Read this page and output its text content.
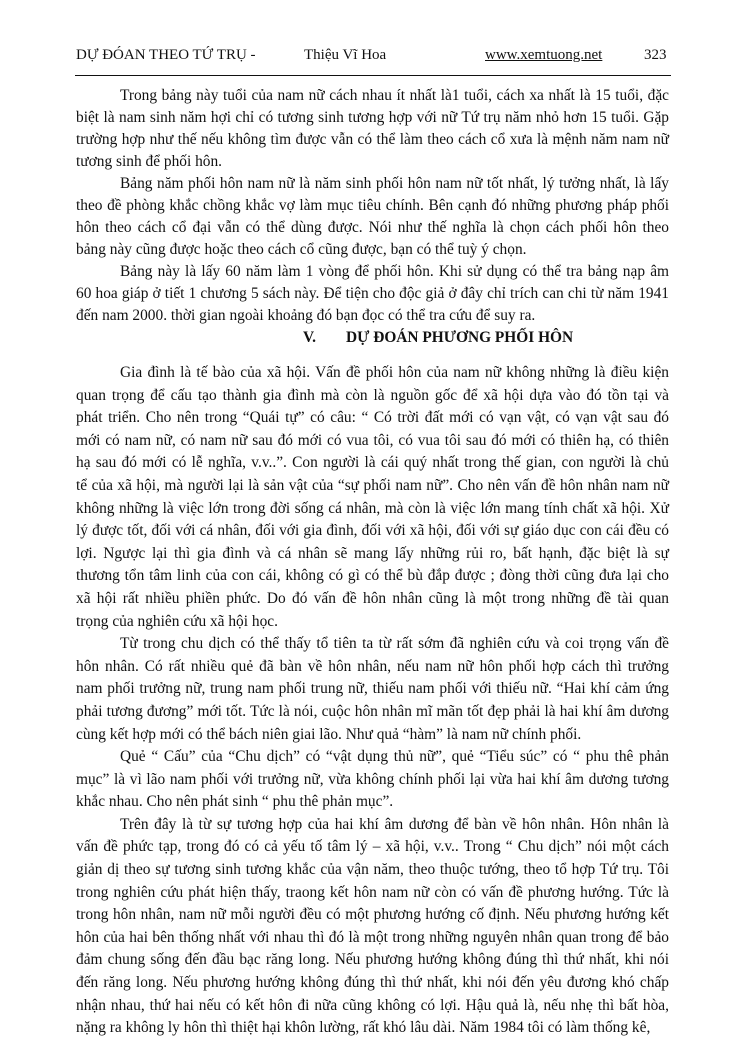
DỰ ĐÓAN THEO TỨ TRỤ -	Thiệu Vĩ Hoa	www.xemtuong.net	323
Trong bảng này tuổi của nam nữ cách nhau ít nhất là1 tuổi, cách xa nhất là 15 tuổi, đặc
biệt là nam sinh năm hợi chỉ có tương sinh tương hợp với nữ Tứ trụ năm nhỏ hơn 15 tuổi. Gặp
trường hợp như thế nếu không tìm được vẫn có thể làm theo cách cổ xưa là mệnh năm nam nữ
tương sinh để phối hôn.
Bảng năm phối hôn nam nữ là năm sinh phối hôn nam nữ tốt nhất, lý tưởng nhất, là lấy
theo đề phòng khắc chồng khắc vợ làm mục tiêu chính. Bên cạnh đó những phương pháp phối
hôn theo cách cổ đại vẫn có thể dùng được. Nói như thế nghĩa là chọn cách phối hôn theo
bảng này cũng được hoặc theo cách cổ cũng được, bạn có thể tuỳ ý chọn.
Bảng này là lấy 60 năm làm 1 vòng để phối hôn. Khi sử dụng có thể tra bảng nạp âm
60 hoa giáp ở tiết 1 chương 5 sách này. Để tiện cho độc giả ở đây chỉ trích can chi từ năm 1941
đến nam 2000. thời gian ngoài khoảng đó bạn đọc có thể tra cứu để suy ra.
V. DỰ ĐOÁN PHƯƠNG PHỐI HÔN
Gia đình là tế bào của xã hội. Vấn đề phối hôn của nam nữ không những là điều kiện
quan trọng để cấu tạo thành gia đình mà còn là nguồn gốc để xã hội dựa vào đó tồn tại và
phát triển. Cho nên trong “Quái tự” có câu: “ Có trời đất mới có vạn vật, có vạn vật sau đó
mới có nam nữ, có nam nữ sau đó mới có vua tôi, có vua tôi sau đó mới có thiên hạ, có thiên
hạ sau đó mới có lễ nghĩa, v.v..”. Con người là cái quý nhất trong thế gian, con người là chủ
tể của xã hội, mà người lại là sản vật của “sự phối nam nữ”. Cho nên vấn đề hôn nhân nam nữ
không những là việc lớn trong đời sống cá nhân, mà còn là việc lớn mang tính chất xã hội. Xử
lý được tốt, đối với cá nhân, đối với gia đình, đối với xã hội, đối với sự giáo dục con cái đều có
lợi. Ngược lại thì gia đình và cá nhân sẽ mang lấy những rủi ro, bất hạnh, đặc biệt là sự
thương tổn tâm linh của con cái, không có gì có thể bù đắp được ; đòng thời cũng đưa lại cho
xã hội rất nhiều phiền phức. Do đó vấn đề hôn nhân cũng là một trong những đề tài quan
trọng của nghiên cứu xã hội học.
Từ trong chu dịch có thể thấy tổ tiên ta từ rất sớm đã nghiên cứu và coi trọng vấn đề
hôn nhân. Có rất nhiều quẻ đã bàn về hôn nhân, nếu nam nữ hôn phối hợp cách thì trưởng
nam phối trưởng nữ, trung nam phối trung nữ, thiếu nam phối với thiếu nữ. “Hai khí cảm ứng
phải tương đương” mới tốt. Tức là nói, cuộc hôn nhân mĩ mãn tốt đẹp phải là hai khí âm dương
cùng kết hợp mới có thể bách niên giai lão. Như quả “hàm” là nam nữ chính phối.
Quẻ “ Cấu” của “Chu dịch” có “vật dụng thủ nữ”, quẻ “Tiểu súc” có “ phu thê phản
mục” là vì lão nam phối với trưởng nữ, vừa không chính phối lại vừa hai khí âm dương tương
khắc nhau. Cho nên phát sinh “ phu thê phản mục”.
Trên đây là từ sự tương hợp của hai khí âm dương để bàn về hôn nhân. Hôn nhân là
vấn đề phức tạp, trong đó có cả yếu tố tâm lý – xã hội, v.v.. Trong “ Chu dịch” nói một cách
giản dị theo sự tương sinh tương khắc của vận năm, theo thuộc tướng, theo tổ hợp Tứ trụ. Tôi
trong nghiên cứu phát hiện thấy, traong kết hôn nam nữ còn có vấn đề phương hướng. Tức là
trong hôn nhân, nam nữ mỗi người đều có một phương hướng cố định. Nếu phương hướng kết
hôn của hai bên thống nhất với nhau thì đó là một trong những nguyên nhân quan trong để bảo
đảm chung sống đến đầu bạc răng long. Nếu phương hướng không đúng thì thứ nhất, khi nói
đến răng long. Nếu phương hướng không đúng thì thứ nhất, khi nói đến yêu đương khó chấp
nhận nhau, thứ hai nếu có kết hôn đi nữa cũng không có lợi. Hậu quả là, nếu nhẹ thì bất hòa,
nặng ra không ly hôn thì thiệt hại khôn lường, rất khó lâu dài. Năm 1984 tôi có làm thống kê,
